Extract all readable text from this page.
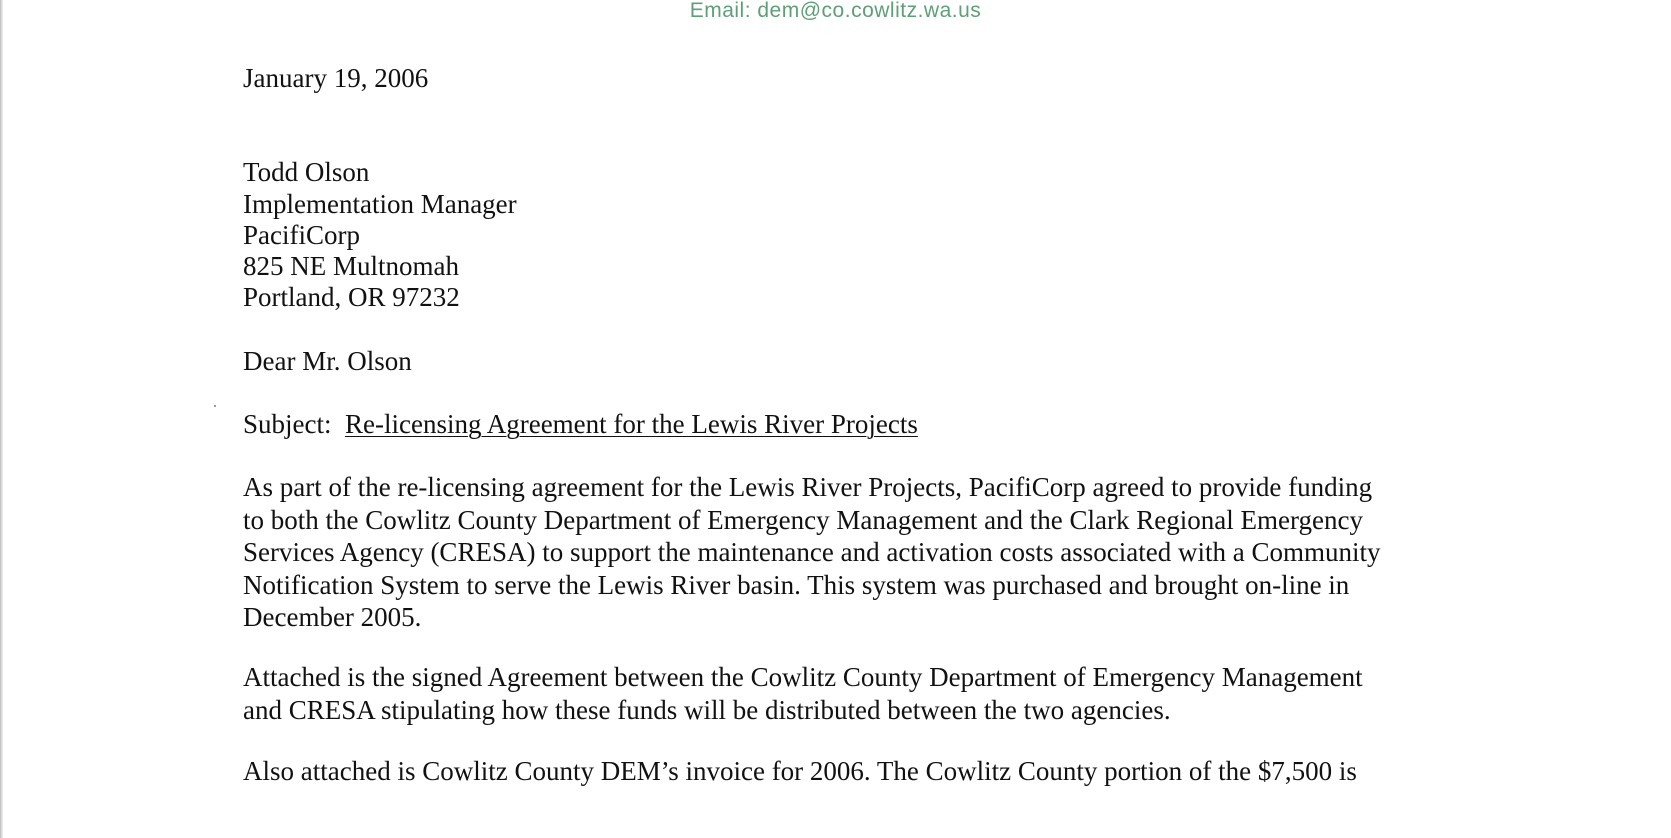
Email: dem@co.cowlitz.wa.us
January 19, 2006
Todd Olson
Implementation Manager
PacifiCorp
825 NE Multnomah
Portland, OR 97232
Dear Mr. Olson
Subject: Re-licensing Agreement for the Lewis River Projects
As part of the re-licensing agreement for the Lewis River Projects, PacifiCorp agreed to provide funding
to both the Cowlitz County Department of Emergency Management and the Clark Regional Emergency
Services Agency (CRESA) to support the maintenance and activation costs associated with a Community
Notification System to serve the Lewis River basin. This system was purchased and brought on-line in
December 2005.
Attached is the signed Agreement between the Cowlitz County Department of Emergency Management
and CRESA stipulating how these funds will be distributed between the two agencies.
Also attached is Cowlitz County DEM’s invoice for 2006. The Cowlitz County portion of the $7,500 is
